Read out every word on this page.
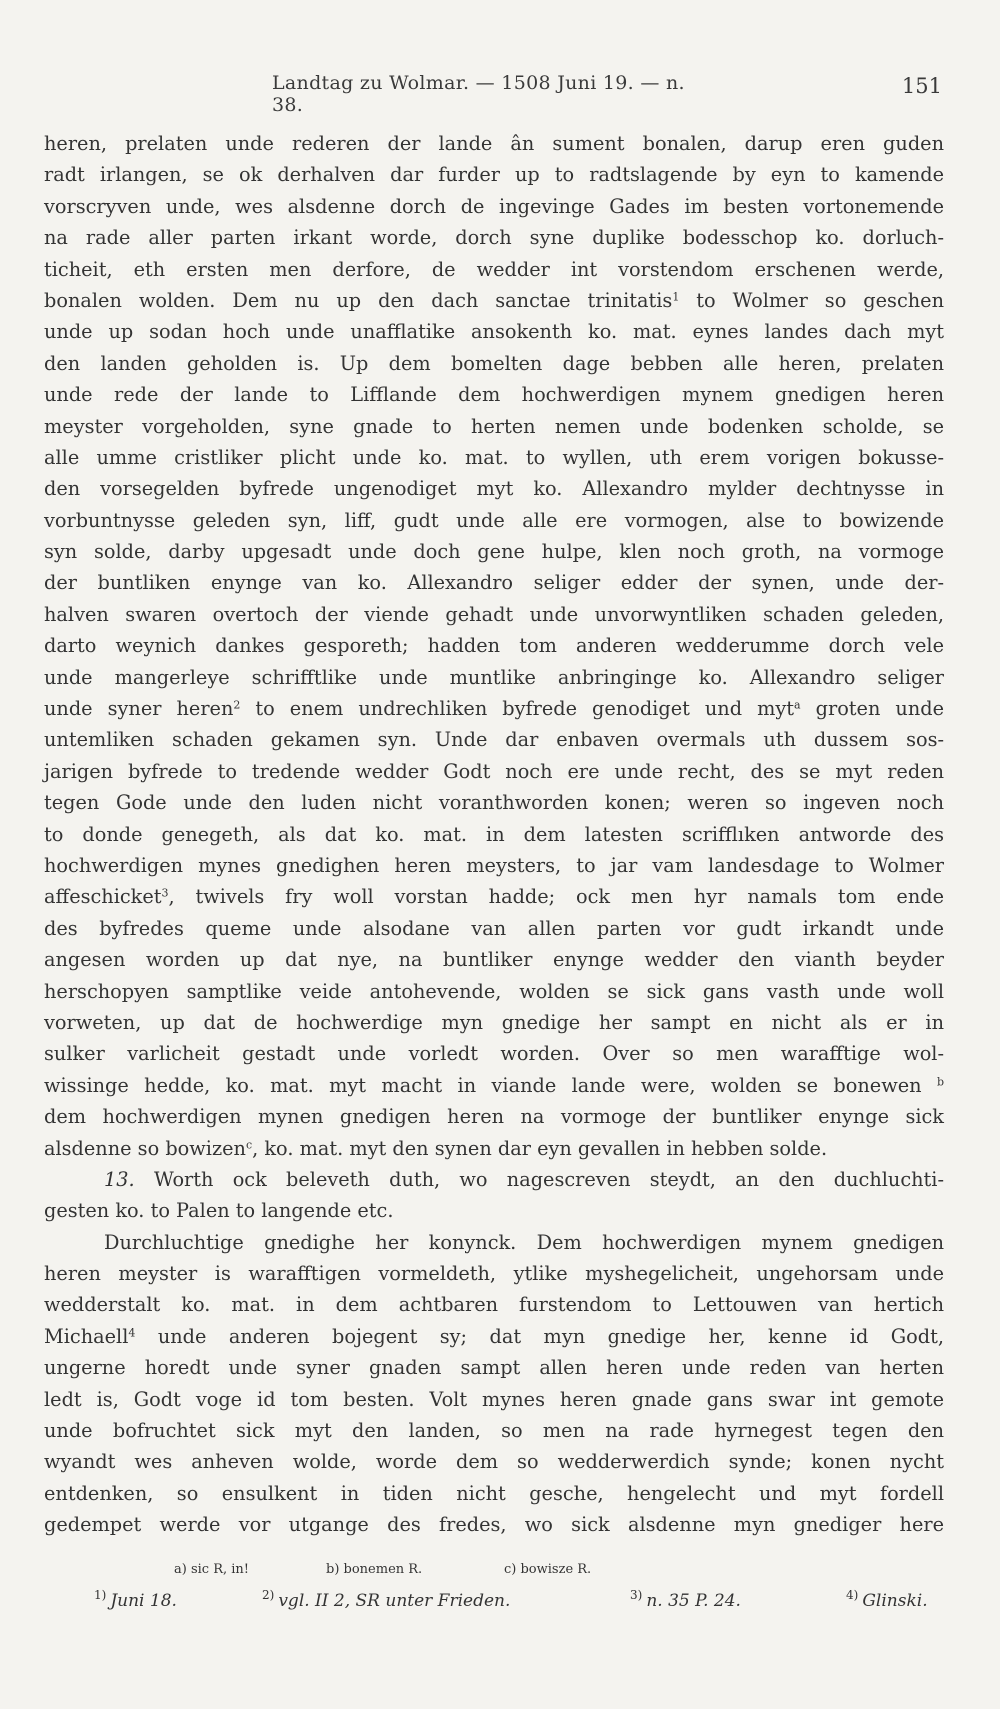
Landtag zu Wolmar. — 1508 Juni 19. — n. 38.
151
heren, prelaten unde rederen der lande ân sument bonalen, darup eren guden
radt irlangen, se ok derhalven dar furder up to radtslagende by eyn to kamende
vorscryven unde, wes alsdenne dorch de ingevinge Gades im besten vortonemende
na rade aller parten irkant worde, dorch syne duplike bodesschop ko. dorluch-
ticheit, eth ersten men derfore, de wedder int vorstendom erschenen werde,
bonalen wolden. Dem nu up den dach sanctae trinitatis$^1$ to Wolmer so geschen
unde up sodan hoch unde unafflatike ansokenth ko. mat. eynes landes dach myt
den landen geholden is. Up dem bomelten dage bebben alle heren, prelaten
unde rede der lande to Lifflande dem hochwerdigen mynem gnedigen heren
meyster vorgeholden, syne gnade to herten nemen unde bodenken scholde, se
alle umme cristliker plicht unde ko. mat. to wyllen, uth erem vorigen bokusse-
den vorsegelden byfrede ungenodiget myt ko. Allexandro mylder dechtnysse in
vorbuntnysse geleden syn, liff, gudt unde alle ere vormogen, alse to bowizende
syn solde, darby upgesadt unde doch gene hulpe, klen noch groth, na vormoge
der buntliken enynge van ko. Allexandro seliger edder der synen, unde der-
halven swaren overtoch der viende gehadt unde unvorwyntliken schaden geleden,
darto weynich dankes gesporeth; hadden tom anderen wedderumme dorch vele
unde mangerleye schrifftlike unde muntlike anbringinge ko. Allexandro seliger
unde syner heren$^2$ to enem undrechliken byfrede genodiget und myt$^a$ groten unde
untemliken schaden gekamen syn. Unde dar enbaven overmals uth dussem sos-
jarigen byfrede to tredende wedder Godt noch ere unde recht, des se myt reden
tegen Gode unde den luden nicht voranthworden konen; weren so ingeven noch
to donde genegeth, als dat ko. mat. in dem latesten scrifflıken antworde des
hochwerdigen mynes gnedighen heren meysters, to jar vam landesdage to Wolmer
affeschicket$^3$, twivels fry woll vorstan hadde; ock men hyr namals tom ende
des byfredes queme unde alsodane van allen parten vor gudt irkandt unde
angesen worden up dat nye, na buntliker enynge wedder den vianth beyder
herschopyen samptlike veide antohevende, wolden se sick gans vasth unde woll
vorweten, up dat de hochwerdige myn gnedige her sampt en nicht als er in
sulker varlicheit gestadt unde vorledt worden. Over so men warafftige wol-
wissinge hedde, ko. mat. myt macht in viande lande were, wolden se bonewen $^b$
dem hochwerdigen mynen gnedigen heren na vormoge der buntliker enynge sick
alsdenne so bowizen$^c$, ko. mat. myt den synen dar eyn gevallen in hebben solde.
13. Worth ock beleveth duth, wo nagescreven steydt, an den duchluchti-
gesten ko. to Palen to langende etc.
Durchluchtige gnedighe her konynck. Dem hochwerdigen mynem gnedigen
heren meyster is warafftigen vormeldeth, ytlike myshegelicheit, ungehorsam unde
wedderstalt ko. mat. in dem achtbaren furstendom to Lettouwen van hertich
Michaell$^4$ unde anderen bojegent sy; dat myn gnedige her, kenne id Godt,
ungerne horedt unde syner gnaden sampt allen heren unde reden van herten
ledt is, Godt voge id tom besten. Volt mynes heren gnade gans swar int gemote
unde bofruchtet sick myt den landen, so men na rade hyrnegest tegen den
wyandt wes anheven wolde, worde dem so wedderwerdich synde; konen nycht
entdenken, so ensulkent in tiden nicht gesche, hengelecht und myt fordell
gedempet werde vor utgange des fredes, wo sick alsdenne myn gnediger here
$^{1)}$ Juni 18.	$^{2)}$ vgl. II 2, SR unter Frieden.	$^{3)}$ n. 35 P. 24.	$^{4)}$ Glinski.
a) sic R, in!	b) bonemen R.	c) bowisze R.
